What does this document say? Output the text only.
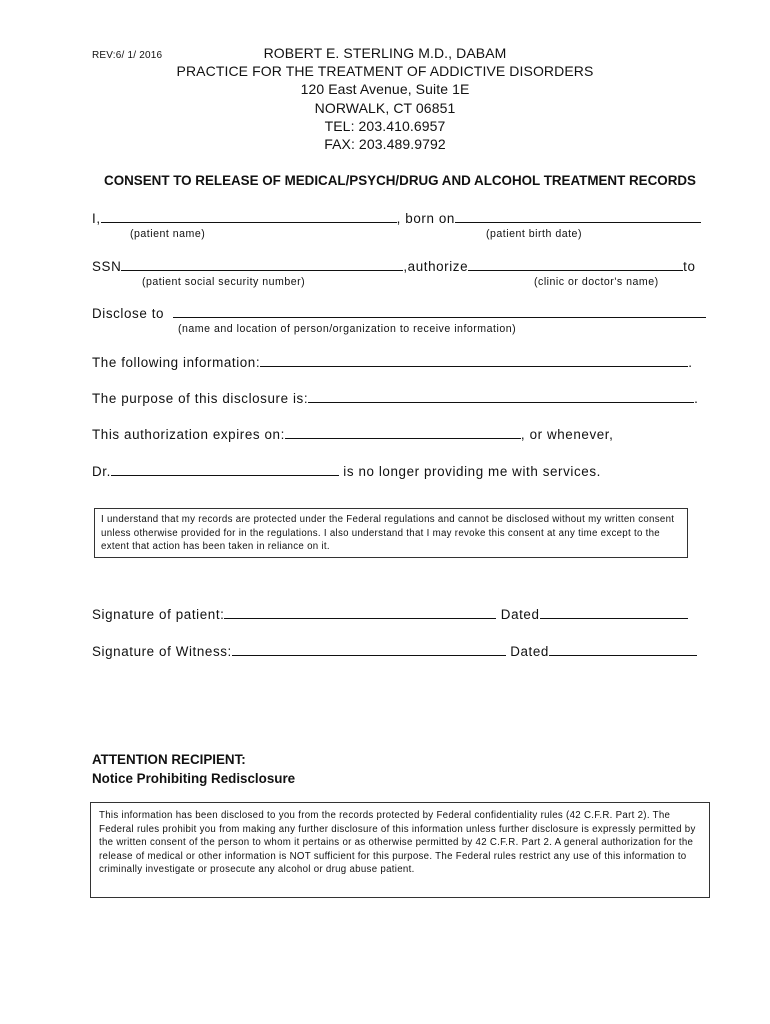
REV:6/ 1/ 2016	ROBERT E. STERLING M.D., DABAM
PRACTICE FOR THE TREATMENT OF ADDICTIVE DISORDERS
120 East Avenue, Suite 1E
NORWALK, CT 06851
TEL: 203.410.6957
FAX: 203.489.9792
CONSENT TO RELEASE OF MEDICAL/PSYCH/DRUG AND ALCOHOL TREATMENT RECORDS
I,	, born on
(patient name)	(patient birth date)
SSN	,authorize	to
(patient social security number)	(clinic or doctor's name)
Disclose to
(name and location of person/organization to receive information)
The following information:	.
The purpose of this disclosure is:	.
This authorization expires on:	, or whenever,
Dr.	is no longer providing me with services.

I understand that my records are protected under the Federal regulations and cannot be disclosed without my written consent unless otherwise provided for in the regulations. I also understand that I may revoke this consent at any time except to the extent that action has been taken in reliance on it.

Signature of patient:	Dated
Signature of Witness:	Dated
ATTENTION RECIPIENT:
Notice Prohibiting Redisclosure

This information has been disclosed to you from the records protected by Federal confidentiality rules (42 C.F.R. Part 2). The Federal rules prohibit you from making any further disclosure of this information unless further disclosure is expressly permitted by the written consent of the person to whom it pertains or as otherwise permitted by 42 C.F.R. Part 2. A general authorization for the release of medical or other information is NOT sufficient for this purpose. The Federal rules restrict any use of this information to criminally investigate or prosecute any alcohol or drug abuse patient.
